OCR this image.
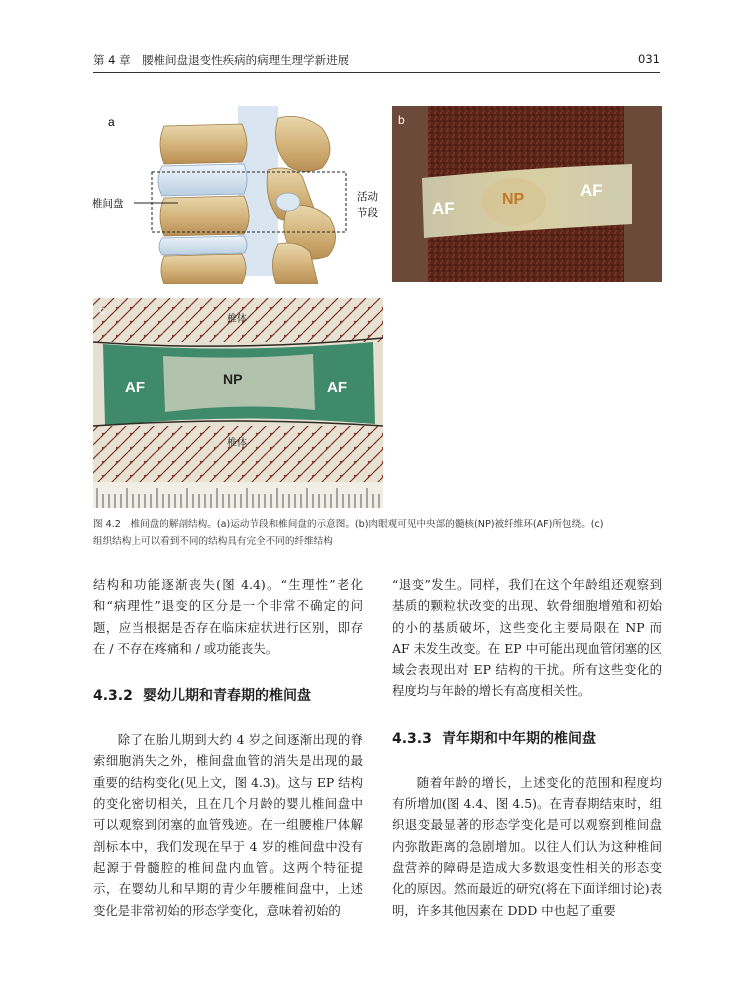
第 4 章　腰椎间盘退变性疾病的病理生理学新进展	031
a
椎间盘
活动
节段
b
AF	NP	AF
c
椎体
AF	NP	AF
椎体
图 4.2　椎间盘的解剖结构。(a)运动节段和椎间盘的示意图。(b)肉眼观可见中央部的髓核(NP)被纤维环(AF)所包绕。(c)
组织结构上可以看到不同的结构具有完全不同的纤维结构

结构和功能逐渐丧失(图 4.4)。“生理性”老化和“病理性”退变的区分是一个非常不确定的问题，应当根据是否存在临床症状进行区别，即存在 / 不存在疼痛和 / 或功能丧失。

4.3.2 婴幼儿期和青春期的椎间盘

除了在胎儿期到大约 4 岁之间逐渐出现的脊索细胞消失之外，椎间盘血管的消失是出现的最重要的结构变化(见上文，图 4.3)。这与 EP 结构的变化密切相关，且在几个月龄的婴儿椎间盘中可以观察到闭塞的血管残迹。在一组腰椎尸体解剖标本中，我们发现在早于 4 岁的椎间盘中没有起源于骨髓腔的椎间盘内血管。这两个特征提示，在婴幼儿和早期的青少年腰椎间盘中，上述变化是非常初始的形态学变化，意味着初始的

“退变”发生。同样，我们在这个年龄组还观察到基质的颗粒状改变的出现、软骨细胞增殖和初始的小的基质破坏，这些变化主要局限在 NP 而 AF 未发生改变。在 EP 中可能出现血管闭塞的区域会表现出对 EP 结构的干扰。所有这些变化的程度均与年龄的增长有高度相关性。

4.3.3 青年期和中年期的椎间盘

随着年龄的增长，上述变化的范围和程度均有所增加(图 4.4、图 4.5)。在青春期结束时，组织退变最显著的形态学变化是可以观察到椎间盘内弥散距离的急剧增加。以往人们认为这种椎间盘营养的障碍是造成大多数退变性相关的形态变化的原因。然而最近的研究(将在下面详细讨论)表明，许多其他因素在 DDD 中也起了重要
